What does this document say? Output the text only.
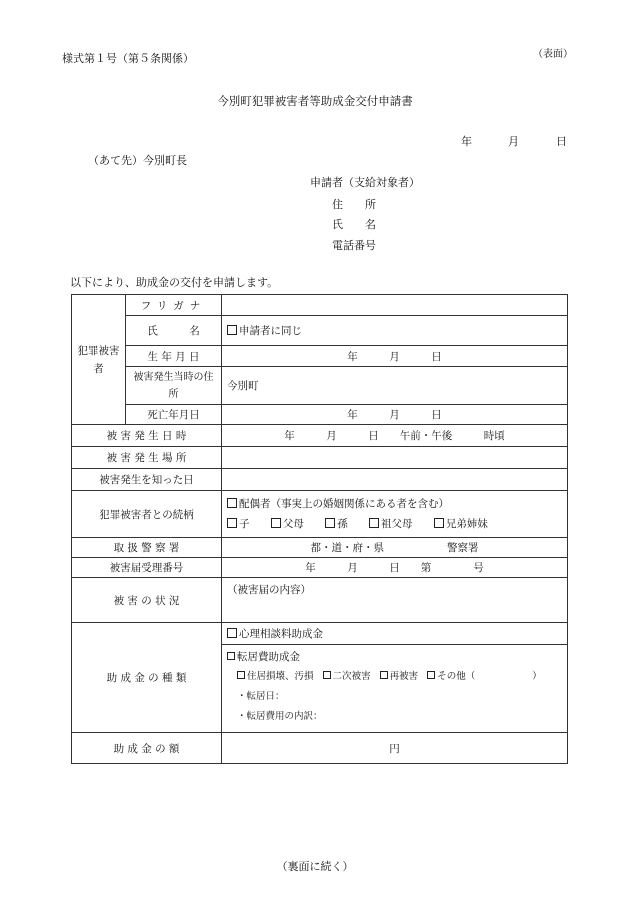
様式第１号（第５条関係）	（表面）
今別町犯罪被害者等助成金交付申請書
年	月	日
（あて先）今別町長
申請者（支給対象者）
住　　所
氏　　名
電話番号
以下により、助成金の交付を申請します。
犯罪被害者	フリガナ	
	氏　　　名	申請者に同じ
	生 年 月 日	年　　　月　　　日
	被害発生当時の住所	今別町
	死亡年月日	年　　　月　　　日
被 害 発 生 日 時		年　　　月　　　日　　午前・午後　　　時頃
被 害 発 生 場 所		
被害発生を知った日		
犯罪被害者との続柄		配偶者（事実上の婚姻関係にある者を含む）
子 父母 孫 祖父母 兄弟姉妹

取 扱 警 察 署		都・道・府・県　　　　　　警察署
被害届受理番号		年　　　月　　　日　　第　　　　号
被 害 の 状 況		（被害届の内容）
助 成 金 の 種 類		心理相談料助成金

		転居費助成金
住居損壊、汚損 二次被害 再被害 その他（　　　　　　）
・転居日：
・転居費用の内訳：

助 成 金 の 額		円
（裏面に続く）
